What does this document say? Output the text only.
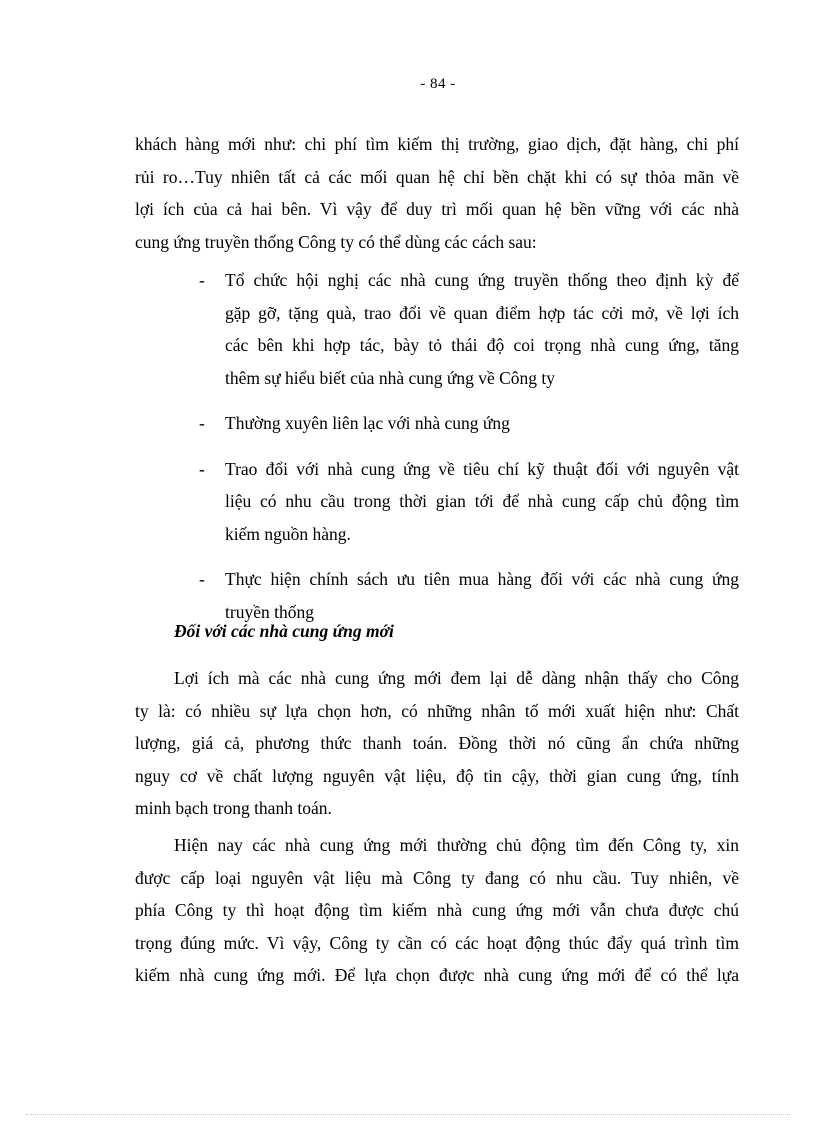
- 84 -
khách hàng mới như: chi phí tìm kiếm thị trường, giao dịch, đặt hàng, chi phí
rủi ro…Tuy nhiên tất cả các mối quan hệ chỉ bền chặt khi có sự thỏa mãn về
lợi ích của cả hai bên. Vì vậy để duy trì mối quan hệ bền vững với các nhà
cung ứng truyền thống Công ty có thể dùng các cách sau:
- Tổ chức hội nghị các nhà cung ứng truyền thống theo định kỳ để
gặp gỡ, tặng quà, trao đổi về quan điểm hợp tác cởi mở, về lợi ích
các bên khi hợp tác, bày tỏ thái độ coi trọng nhà cung ứng, tăng
thêm sự hiểu biết của nhà cung ứng về Công ty
- Thường xuyên liên lạc với nhà cung ứng
- Trao đổi với nhà cung ứng về tiêu chí kỹ thuật đối với nguyên vật
liệu có nhu cầu trong thời gian tới để nhà cung cấp chủ động tìm
kiếm nguồn hàng.
- Thực hiện chính sách ưu tiên mua hàng đối với các nhà cung ứng
truyền thống
Đối với các nhà cung ứng mới
Lợi ích mà các nhà cung ứng mới đem lại dễ dàng nhận thấy cho Công
ty là: có nhiều sự lựa chọn hơn, có những nhân tố mới xuất hiện như: Chất
lượng, giá cả, phương thức thanh toán. Đồng thời nó cũng ẩn chứa những
nguy cơ về chất lượng nguyên vật liệu, độ tin cậy, thời gian cung ứng, tính
minh bạch trong thanh toán.
Hiện nay các nhà cung ứng mới thường chủ động tìm đến Công ty, xin
được cấp loại nguyên vật liệu mà Công ty đang có nhu cầu. Tuy nhiên, về
phía Công ty thì hoạt động tìm kiếm nhà cung ứng mới vẫn chưa được chú
trọng đúng mức. Vì vậy, Công ty cần có các hoạt động thúc đẩy quá trình tìm
kiếm nhà cung ứng mới. Để lựa chọn được nhà cung ứng mới để có thể lựa
